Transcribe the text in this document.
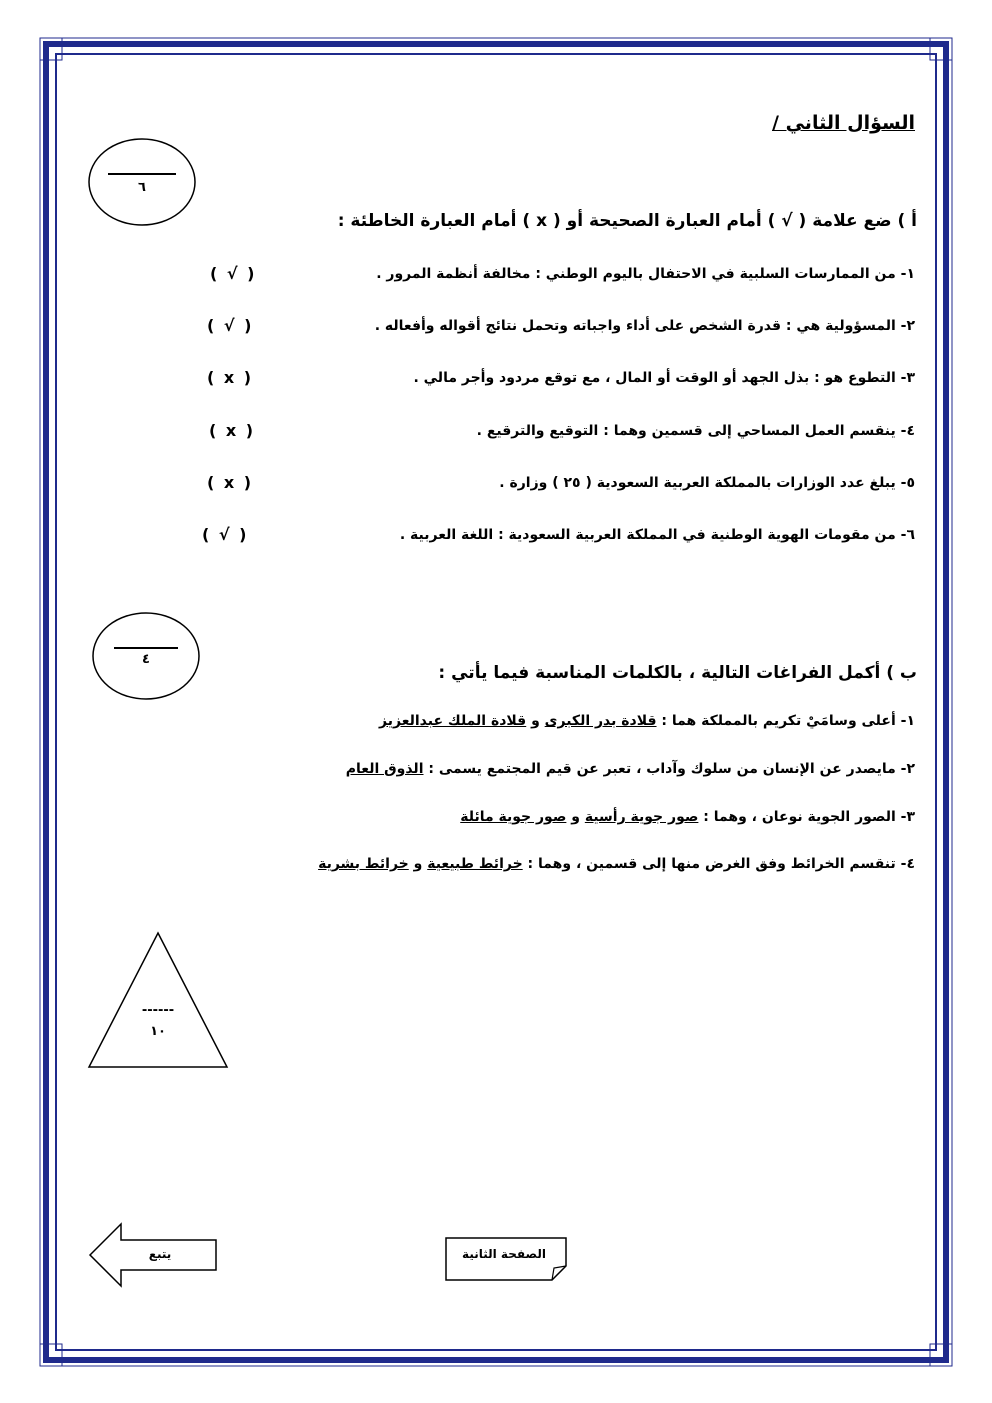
السؤال الثاني /
٦
أ ) ضع علامة ( √ ) أمام العبارة الصحيحة أو ( x ) أمام العبارة الخاطئة :
١- من الممارسات السلبية في الاحتفال باليوم الوطني : مخالفة أنظمة المرور .
( √ )
٢- المسؤولية هي : قدرة الشخص على أداء واجباته وتحمل نتائج أقواله وأفعاله .
( √ )
٣- التطوع هو : بذل الجهد أو الوقت أو المال ، مع توقع مردود وأجر مالي .
( x )
٤- ينقسم العمل المساحي إلى قسمين وهما : التوقيع والترقيع .
( x )
٥- يبلغ عدد الوزارات بالمملكة العربية السعودية ( ٢٥ ) وزارة .
( x )
٦- من مقومات الهوية الوطنية في المملكة العربية السعودية : اللغة العربية .
( √ )
٤
ب ) أكمل الفراغات التالية ، بالكلمات المناسبة فيما يأتي :
١- أعلى وسامَيْ تكريم بالمملكة هما : قلادة بدر الكبرى و قلادة الملك عبدالعزيز
٢- مايصدر عن الإنسان من سلوك وآداب ، تعبر عن قيم المجتمع يسمى : الذوق العام
٣- الصور الجوية نوعان ، وهما : صور جوية رأسية و صور جوية مائلة
٤- تنقسم الخرائط وفق الغرض منها إلى قسمين ، وهما : خرائط طبيعية و خرائط بشرية
------
١٠
يتبع	الصفحة الثانية
